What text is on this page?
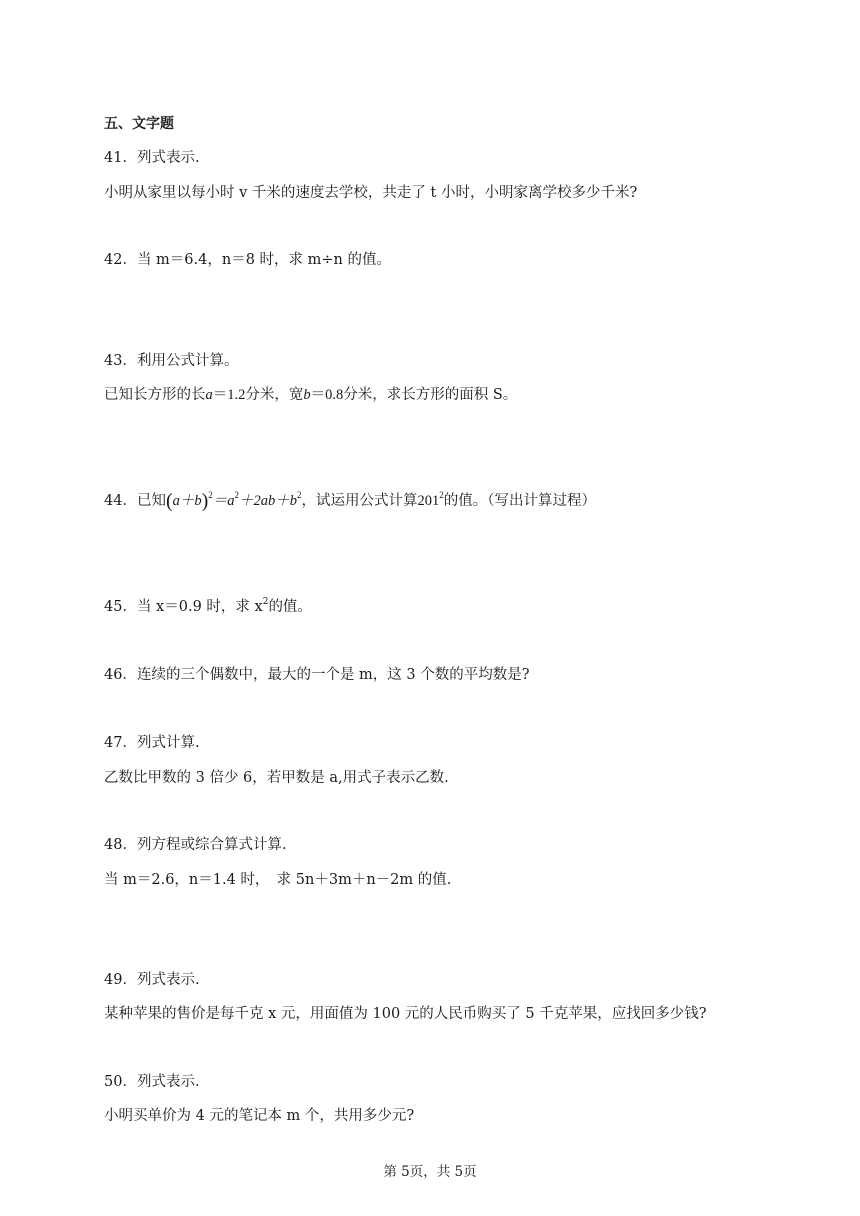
五、文字题
41．列式表示.
小明从家里以每小时 v 千米的速度去学校，共走了 t 小时，小明家离学校多少千米?
42．当 m＝6.4，n＝8 时，求 m÷n 的值。
43．利用公式计算。
已知长方形的长a＝1.2分米，宽b＝0.8分米，求长方形的面积 S。
44．已知$(a+b)^2=a^2+2ab+b^2$，试运用公式计算$201^2$的值。（写出计算过程）
45．当 x＝0.9 时，求 $x^2$的值。
46．连续的三个偶数中，最大的一个是 m，这 3 个数的平均数是?
47．列式计算.
乙数比甲数的 3 倍少 6，若甲数是 a,用式子表示乙数.
48．列方程或综合算式计算.
当 m＝2.6，n＝1.4 时，　求 5n＋3m＋n－2m 的值.
49．列式表示.
某种苹果的售价是每千克 x 元，用面值为 100 元的人民币购买了 5 千克苹果，应找回多少钱?
50．列式表示.
小明买单价为 4 元的笔记本 m 个，共用多少元?
第 5页，共 5页
